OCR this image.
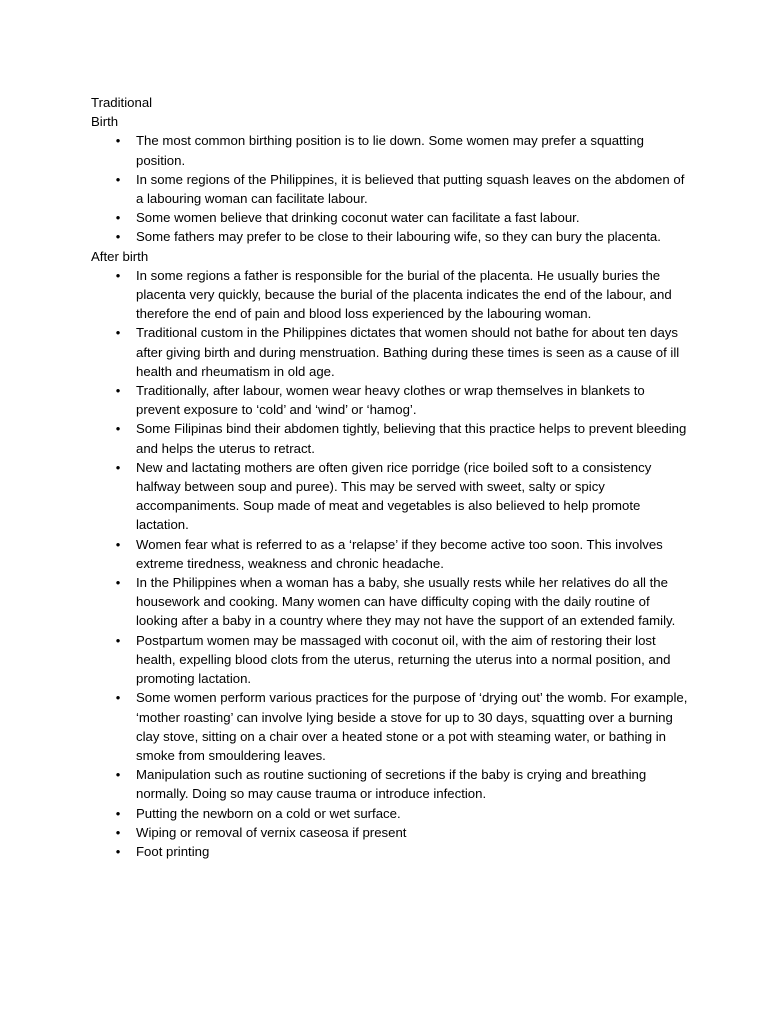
Traditional

Birth

• The most common birthing position is to lie down. Some women may prefer a squatting position.
• In some regions of the Philippines, it is believed that putting squash leaves on the abdomen of a labouring woman can facilitate labour.
• Some women believe that drinking coconut water can facilitate a fast labour.
• Some fathers may prefer to be close to their labouring wife, so they can bury the placenta.

After birth

• In some regions a father is responsible for the burial of the placenta. He usually buries the placenta very quickly, because the burial of the placenta indicates the end of the labour, and therefore the end of pain and blood loss experienced by the labouring woman.
• Traditional custom in the Philippines dictates that women should not bathe for about ten days after giving birth and during menstruation. Bathing during these times is seen as a cause of ill health and rheumatism in old age.
• Traditionally, after labour, women wear heavy clothes or wrap themselves in blankets to prevent exposure to ‘cold’ and ‘wind’ or ‘hamog’.
• Some Filipinas bind their abdomen tightly, believing that this practice helps to prevent bleeding and helps the uterus to retract.
• New and lactating mothers are often given rice porridge (rice boiled soft to a consistency halfway between soup and puree). This may be served with sweet, salty or spicy accompaniments. Soup made of meat and vegetables is also believed to help promote lactation.
• Women fear what is referred to as a ‘relapse’ if they become active too soon. This involves extreme tiredness, weakness and chronic headache.
• In the Philippines when a woman has a baby, she usually rests while her relatives do all the housework and cooking. Many women can have difficulty coping with the daily routine of looking after a baby in a country where they may not have the support of an extended family.
• Postpartum women may be massaged with coconut oil, with the aim of restoring their lost health, expelling blood clots from the uterus, returning the uterus into a normal position, and promoting lactation.
• Some women perform various practices for the purpose of ‘drying out’ the womb. For example, ‘mother roasting’ can involve lying beside a stove for up to 30 days, squatting over a burning clay stove, sitting on a chair over a heated stone or a pot with steaming water, or bathing in smoke from smouldering leaves.
• Manipulation such as routine suctioning of secretions if the baby is crying and breathing normally. Doing so may cause trauma or introduce infection.
• Putting the newborn on a cold or wet surface.
• Wiping or removal of vernix caseosa if present
• Foot printing
